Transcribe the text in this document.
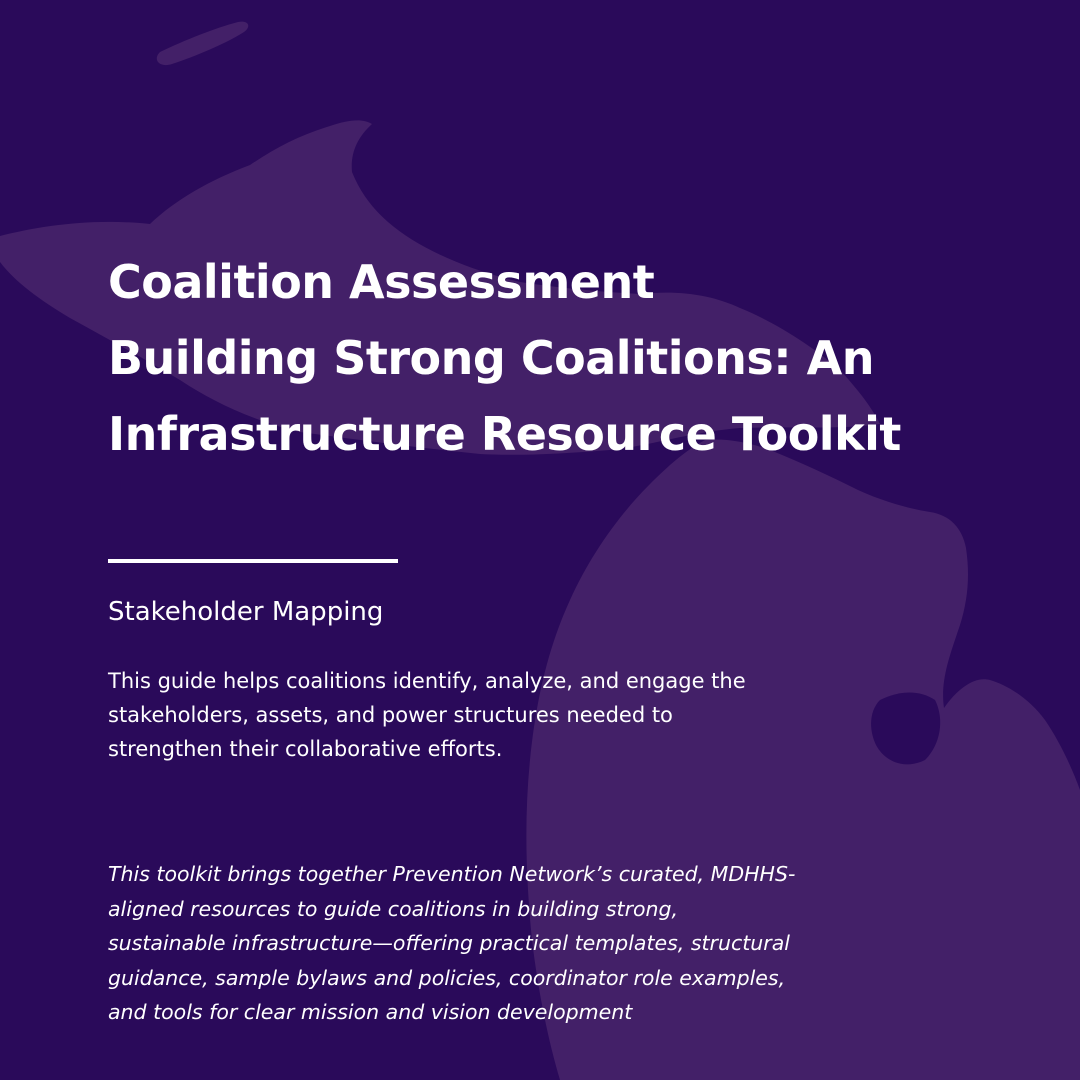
Coalition Assessment
Building Strong Coalitions: An
Infrastructure Resource Toolkit
Stakeholder Mapping
This guide helps coalitions identify, analyze, and engage the
stakeholders, assets, and power structures needed to
strengthen their collaborative efforts.
This toolkit brings together Prevention Network’s curated, MDHHS-
aligned resources to guide coalitions in building strong,
sustainable infrastructure—offering practical templates, structural
guidance, sample bylaws and policies, coordinator role examples,
and tools for clear mission and vision development
